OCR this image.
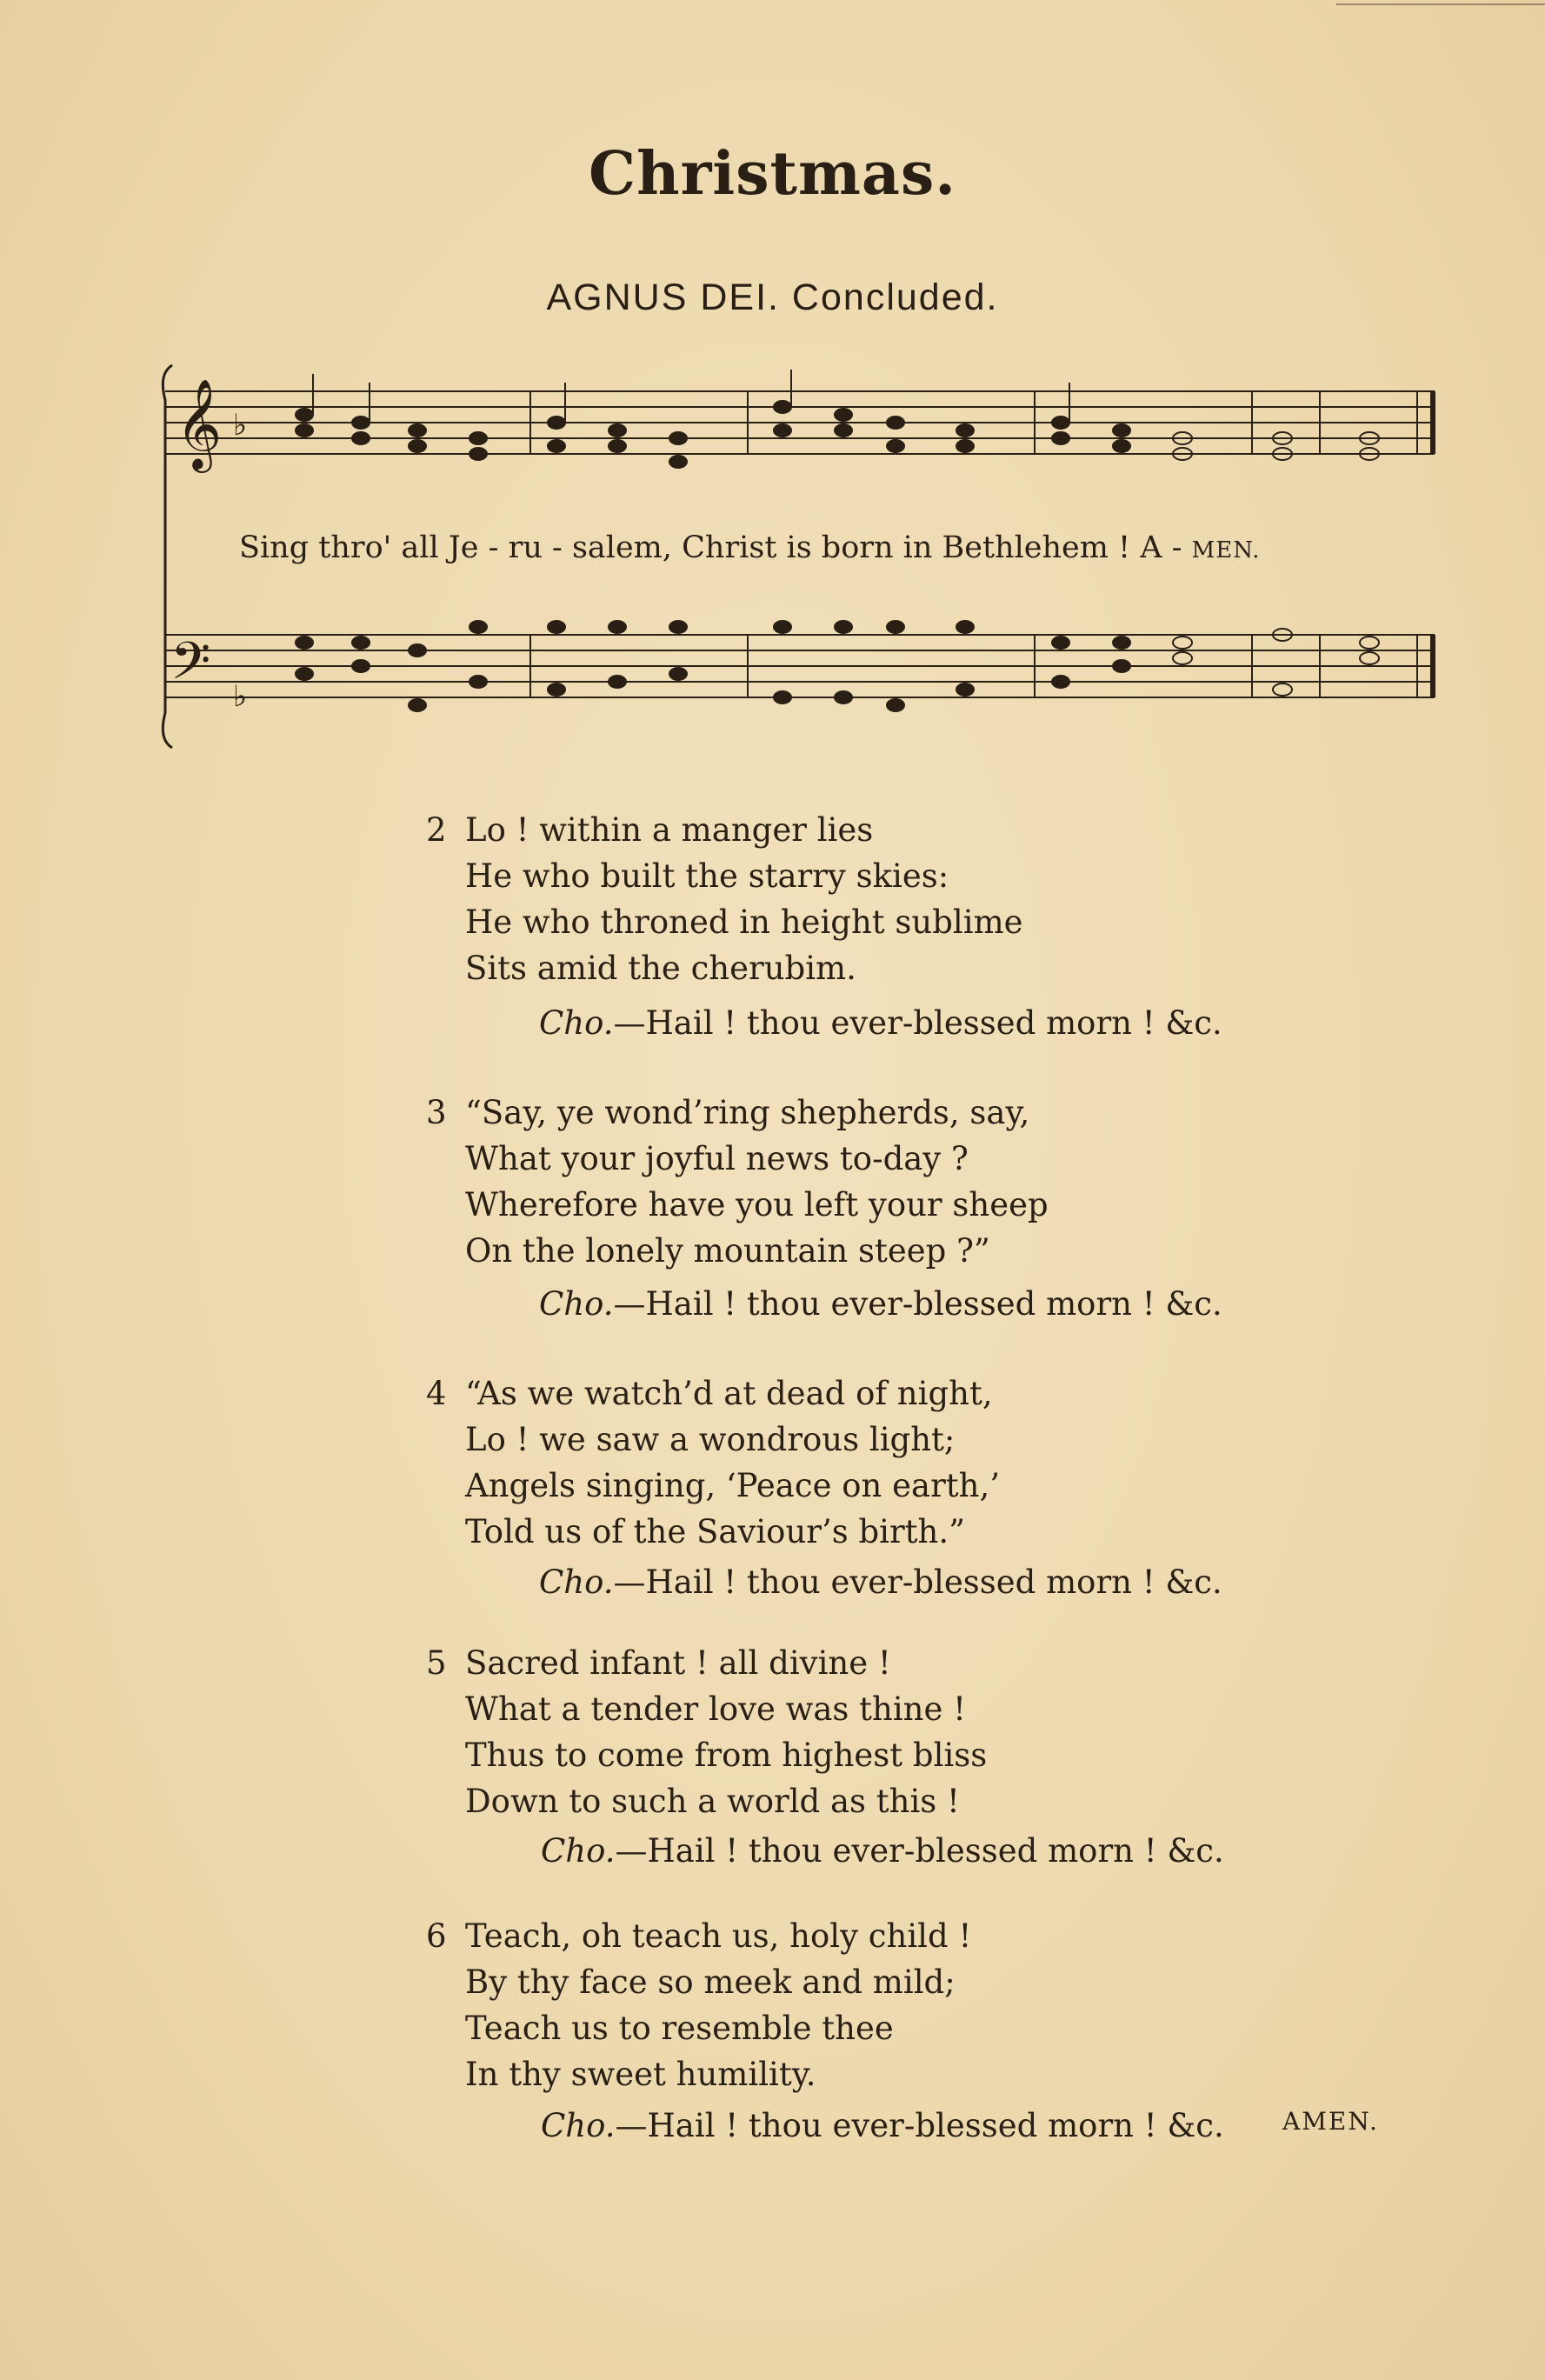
Christmas.
AGNUS DEI. Concluded.
𝄞
𝄢
♭
♭
Sing thro' all Je - ru - salem, Christ is born in Bethlehem ! A - MEN.
2 Lo ! within a manger lies
He who built the starry skies:
He who throned in height sublime
Sits amid the cherubim.
Cho.—Hail ! thou ever-blessed morn ! &c.
3 “Say, ye wond’ring shepherds, say,
What your joyful news to-day ?
Wherefore have you left your sheep
On the lonely mountain steep ?”
Cho.—Hail ! thou ever-blessed morn ! &c.
4 “As we watch’d at dead of night,
Lo ! we saw a wondrous light;
Angels singing, ‘Peace on earth,’
Told us of the Saviour’s birth.”
Cho.—Hail ! thou ever-blessed morn ! &c.
5 Sacred infant ! all divine !
What a tender love was thine !
Thus to come from highest bliss
Down to such a world as this !
Cho.—Hail ! thou ever-blessed morn ! &c.
6 Teach, oh teach us, holy child !
By thy face so meek and mild;
Teach us to resemble thee
In thy sweet humility.
Cho.—Hail ! thou ever-blessed morn ! &c. AMEN.
